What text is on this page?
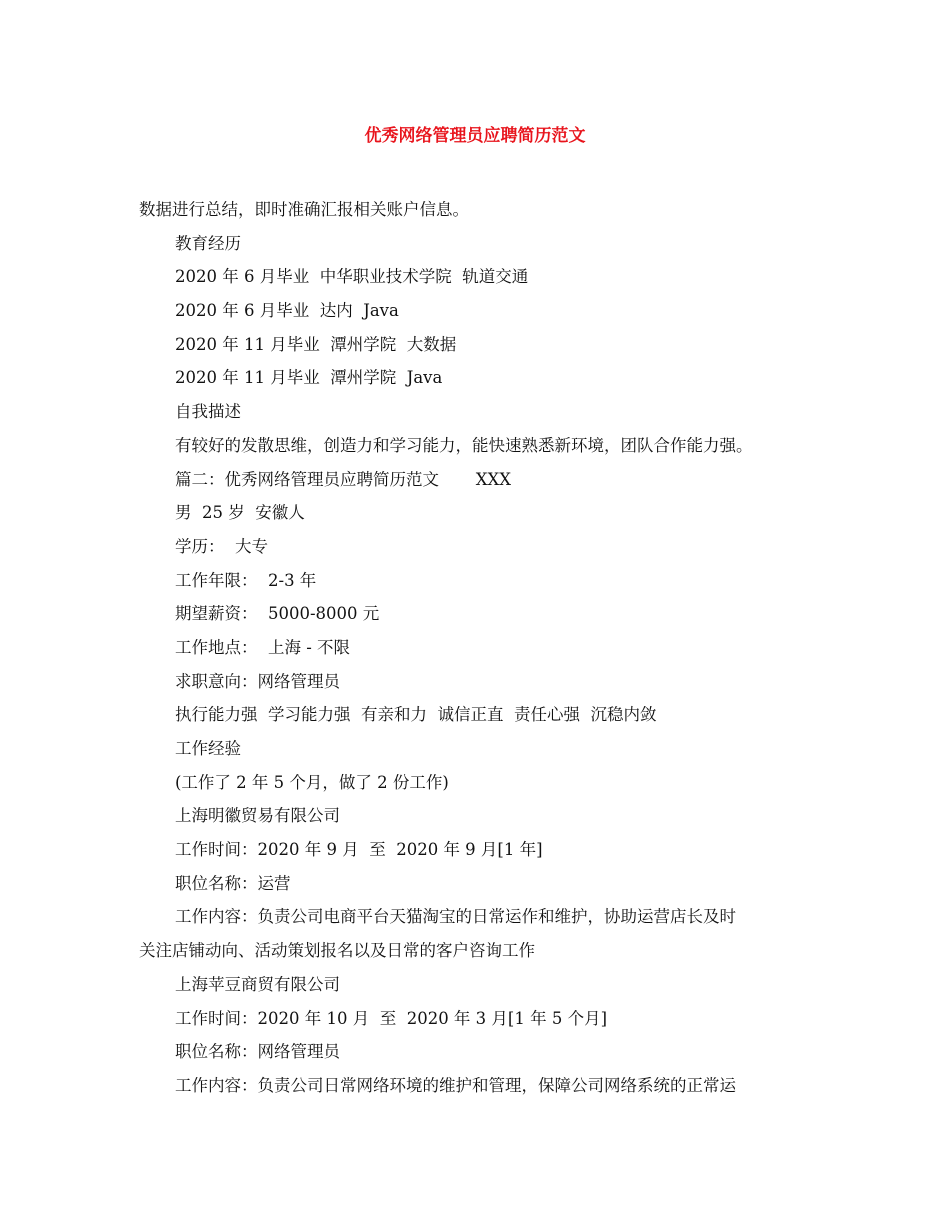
优秀网络管理员应聘简历范文
数据进行总结，即时准确汇报相关账户信息。
教育经历
2020 年 6 月毕业  中华职业技术学院  轨道交通
2020 年 6 月毕业  达内  Java
2020 年 11 月毕业  潭州学院  大数据
2020 年 11 月毕业  潭州学院  Java
自我描述
有较好的发散思维，创造力和学习能力，能快速熟悉新环境，团队合作能力强。
篇二：优秀网络管理员应聘简历范文       XXX
男  25 岁  安徽人
学历：  大专
工作年限：  2-3 年
期望薪资：  5000-8000 元
工作地点：  上海 - 不限
求职意向：网络管理员
执行能力强  学习能力强  有亲和力  诚信正直  责任心强  沉稳内敛
工作经验
(工作了 2 年 5 个月，做了 2 份工作)
上海明徽贸易有限公司
工作时间：2020 年 9 月  至  2020 年 9 月[1 年]
职位名称：运营
工作内容：负责公司电商平台天猫淘宝的日常运作和维护，协助运营店长及时
关注店铺动向、活动策划报名以及日常的客户咨询工作
上海苹豆商贸有限公司
工作时间：2020 年 10 月  至  2020 年 3 月[1 年 5 个月]
职位名称：网络管理员
工作内容：负责公司日常网络环境的维护和管理，保障公司网络系统的正常运
